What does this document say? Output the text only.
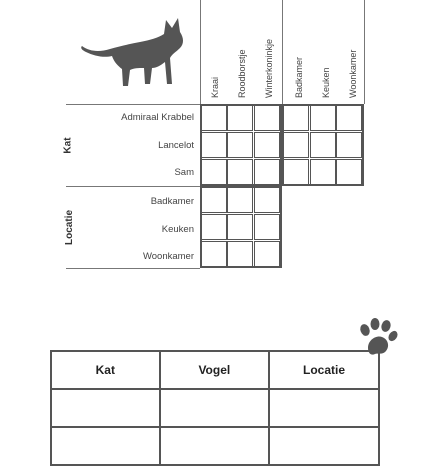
Kraai Roodborstje Winterkoninkje Badkamer Keuken Woonkamer
Kat
Locatie
Admiraal Krabbel
Lancelot
Sam
Badkamer
Keuken
Woonkamer
Kat	Vogel	Locatie
